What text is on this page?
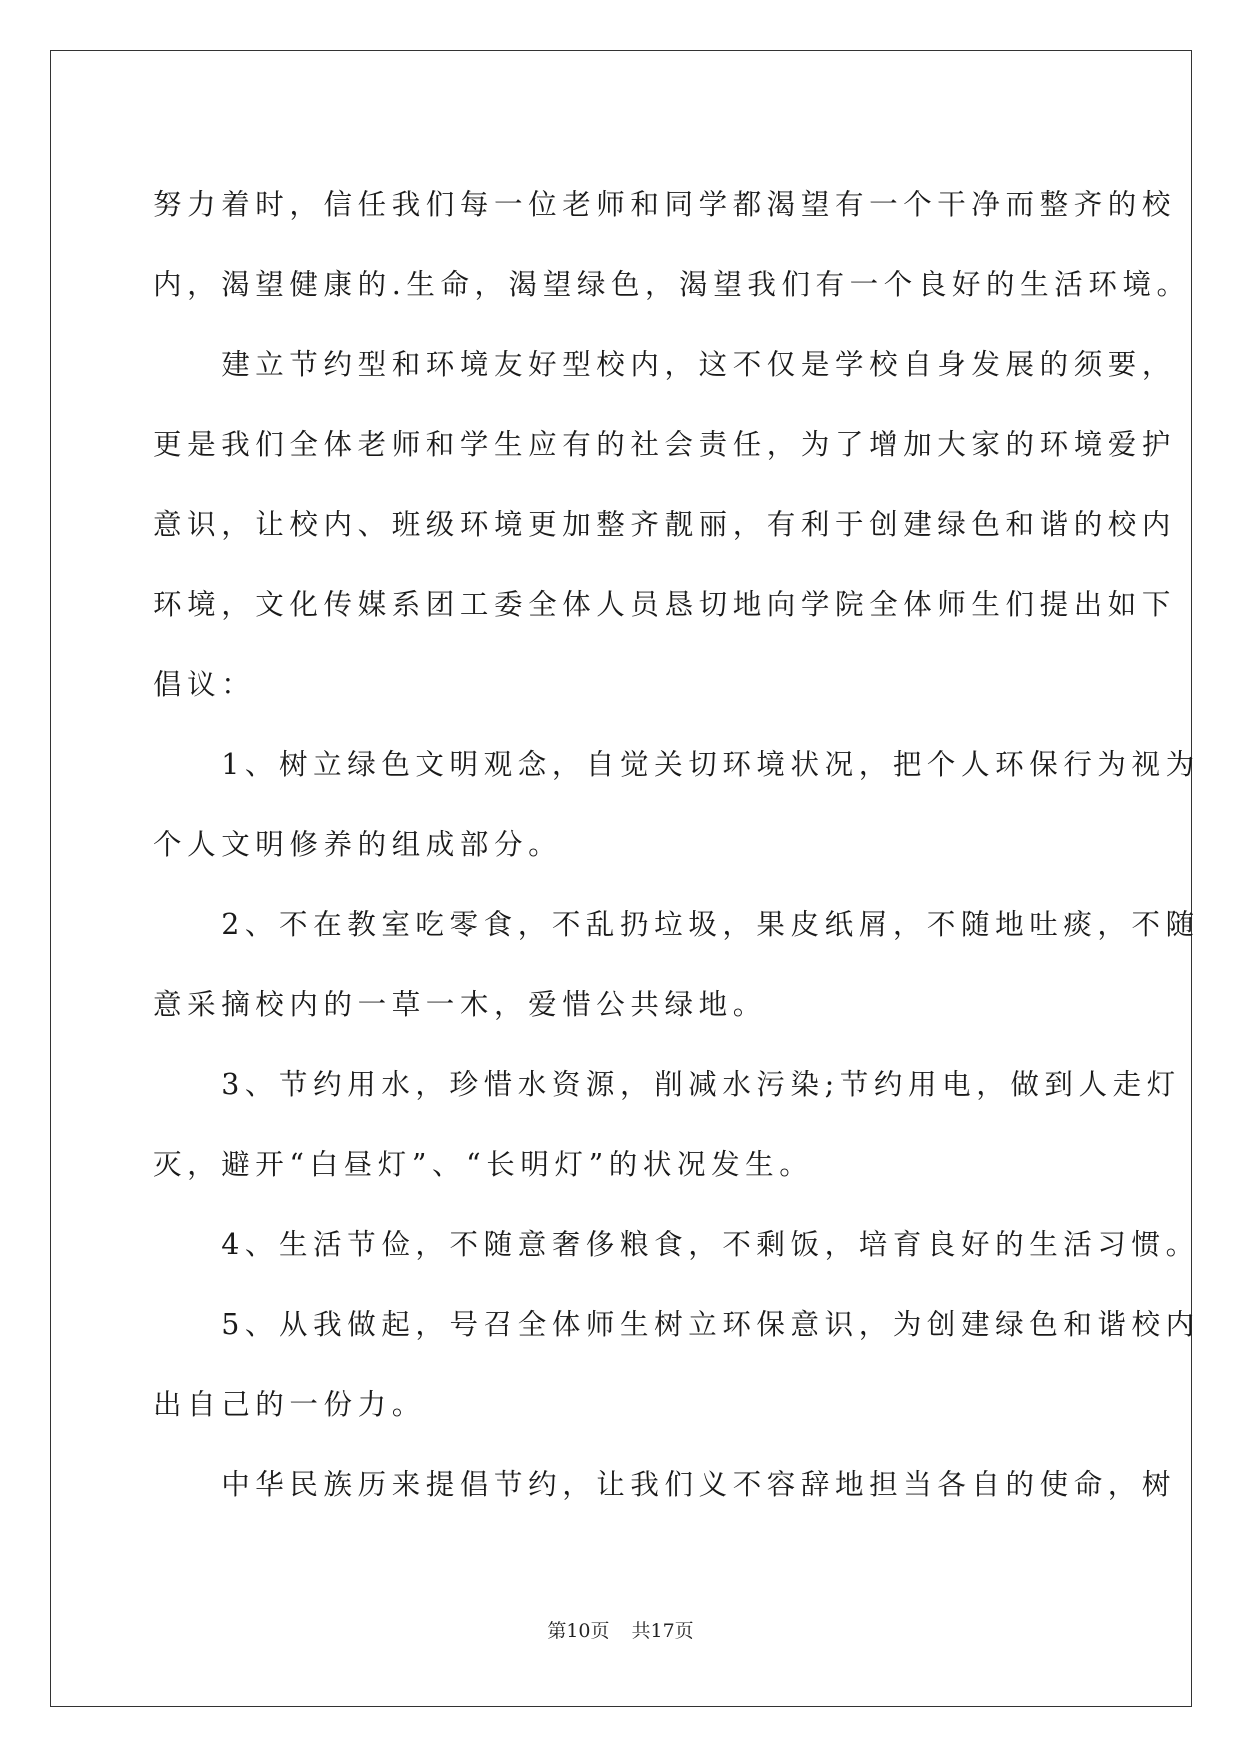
努力着时，信任我们每一位老师和同学都渴望有一个干净而整齐的校
内，渴望健康的.生命，渴望绿色，渴望我们有一个良好的生活环境。
　　建立节约型和环境友好型校内，这不仅是学校自身发展的须要，
更是我们全体老师和学生应有的社会责任，为了增加大家的环境爱护
意识，让校内、班级环境更加整齐靓丽，有利于创建绿色和谐的校内
环境，文化传媒系团工委全体人员恳切地向学院全体师生们提出如下
倡议：
　　1、树立绿色文明观念，自觉关切环境状况，把个人环保行为视为
个人文明修养的组成部分。
　　2、不在教室吃零食，不乱扔垃圾，果皮纸屑，不随地吐痰，不随
意采摘校内的一草一木，爱惜公共绿地。
　　3、节约用水，珍惜水资源，削减水污染;节约用电，做到人走灯
灭，避开“白昼灯”、“长明灯”的状况发生。
　　4、生活节俭，不随意奢侈粮食，不剩饭，培育良好的生活习惯。
　　5、从我做起，号召全体师生树立环保意识，为创建绿色和谐校内
出自己的一份力。
　　中华民族历来提倡节约，让我们义不容辞地担当各自的使命，树
第10页 共17页
